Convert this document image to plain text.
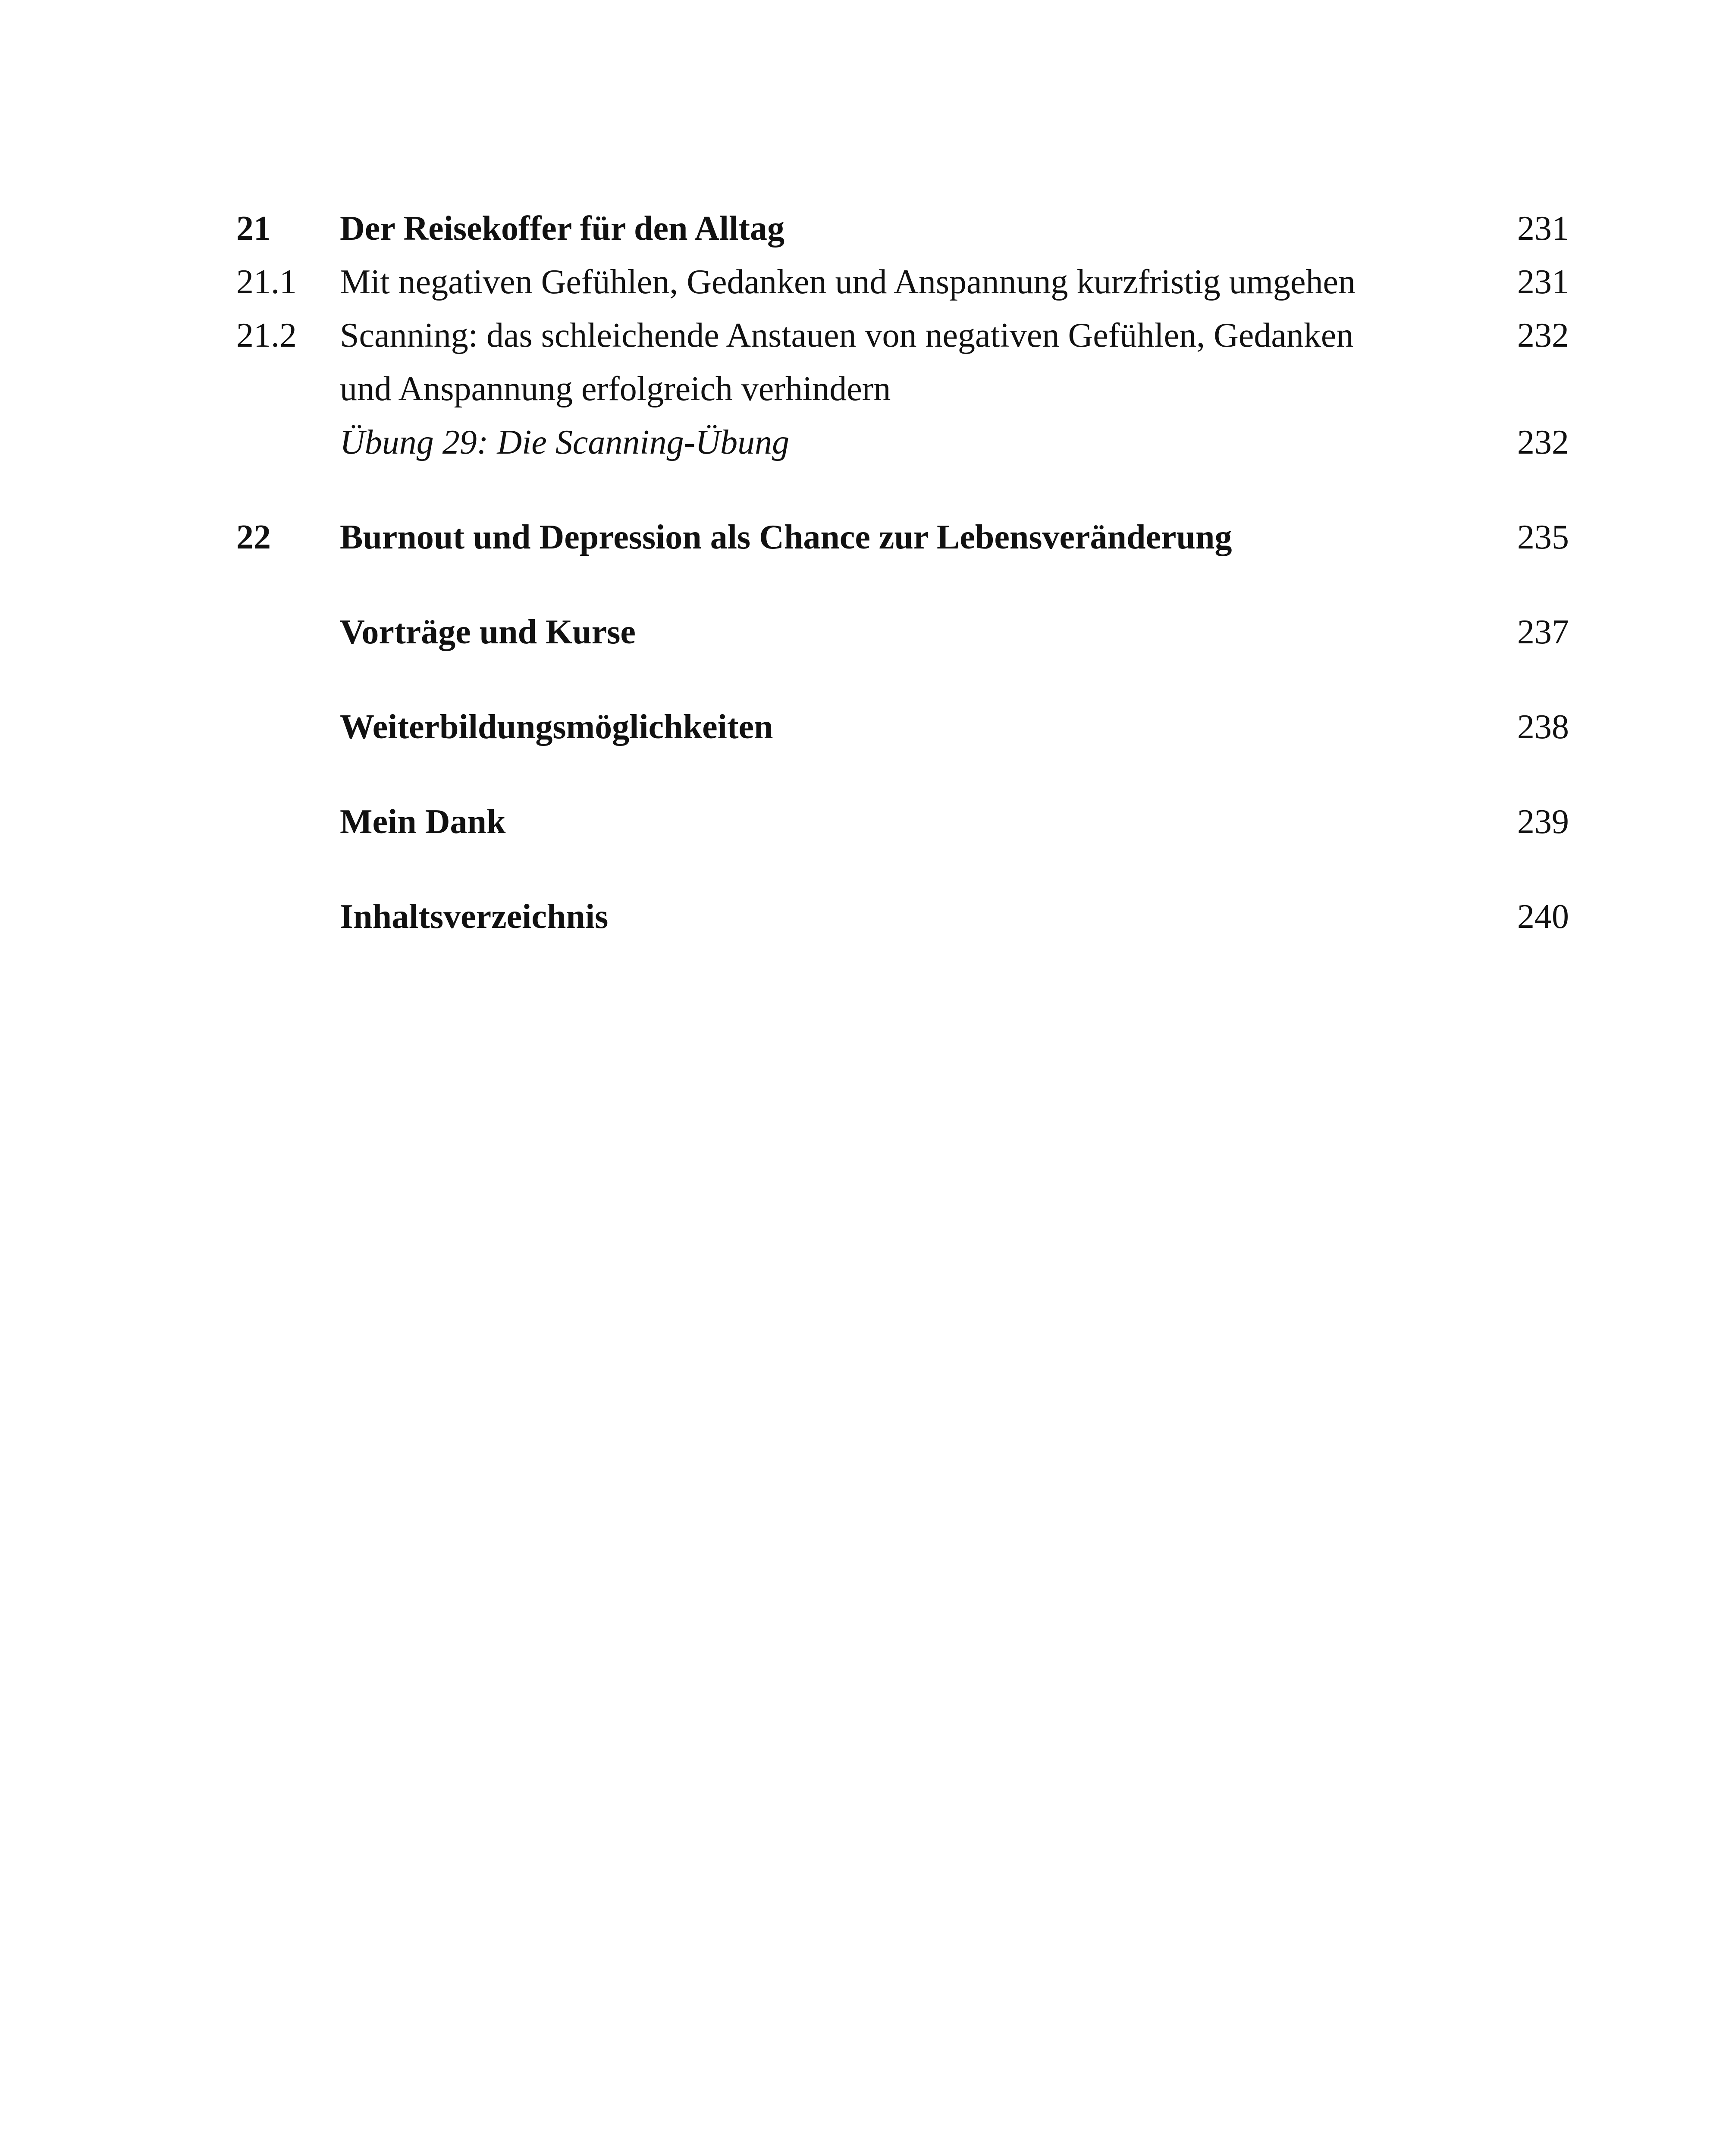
21	Der Reisekoffer für den Alltag	231
21.1	Mit negativen Gefühlen, Gedanken und Anspannung kurzfristig umgehen	231
21.2	Scanning: das schleichende Anstauen von negativen Gefühlen, Gedanken	232
und Anspannung erfolgreich verhindern
Übung 29: Die Scanning-Übung	232
22	Burnout und Depression als Chance zur Lebensveränderung	235
Vorträge und Kurse	237
Weiterbildungsmöglichkeiten	238
Mein Dank	239
Inhaltsverzeichnis	240
